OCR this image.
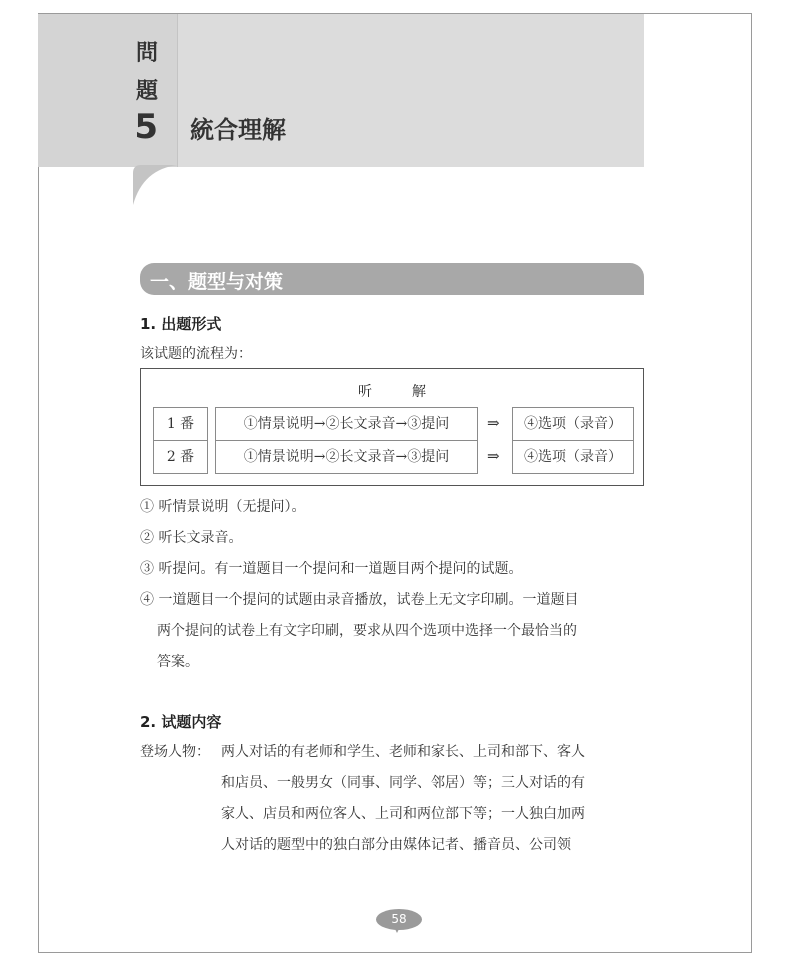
問
題
5 統合理解
一、题型与对策
1. 出题形式
该试题的流程为：
听解
1 番	①情景说明→②长文录音→③提问	⇒	④选项（录音）
2 番	①情景说明→②长文录音→③提问	⇒	④选项（录音）
① 听情景说明（无提问）。
② 听长文录音。
③ 听提问。有一道题目一个提问和一道题目两个提问的试题。
④ 一道题目一个提问的试题由录音播放，试卷上无文字印刷。一道题目
两个提问的试卷上有文字印刷，要求从四个选项中选择一个最恰当的
答案。
2. 试题内容
登场人物： 两人对话的有老师和学生、老师和家长、上司和部下、客人
和店员、一般男女（同事、同学、邻居）等；三人对话的有
家人、店员和两位客人、上司和两位部下等；一人独白加两
人对话的题型中的独白部分由媒体记者、播音员、公司领
58
